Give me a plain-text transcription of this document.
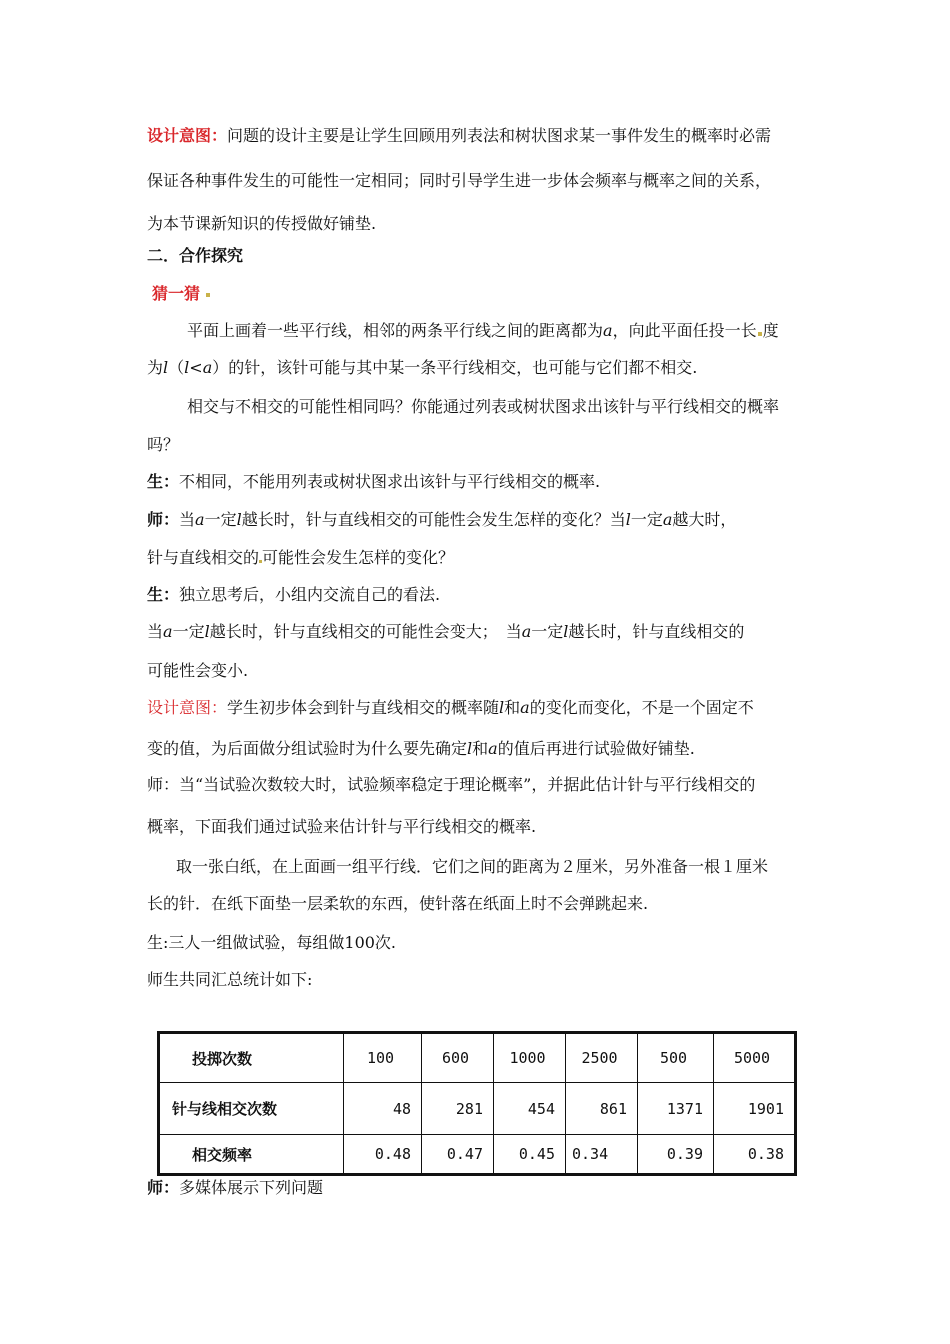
设计意图：问题的设计主要是让学生回顾用列表法和树状图求某一事件发生的概率时必需
保证各种事件发生的可能性一定相同；同时引导学生进一步体会频率与概率之间的关系，
为本节课新知识的传授做好铺垫.
二．合作探究
猜一猜
平面上画着一些平行线，相邻的两条平行线之间的距离都为a，向此平面任投一长 度
为l（l<a）的针，该针可能与其中某一条平行线相交，也可能与它们都不相交.
相交与不相交的可能性相同吗？你能通过列表或树状图求出该针与平行线相交的概率
吗？
生：不相同，不能用列表或树状图求出该针与平行线相交的概率.
师：当a一定l越长时，针与直线相交的可能性会发生怎样的变化？当l一定a越大时，
针与直线相交的 可能性会发生怎样的变化？
生：独立思考后，小组内交流自己的看法.
当a一定l越长时，针与直线相交的可能性会变大；　当a一定l越长时，针与直线相交的
可能性会变小.
设计意图：学生初步体会到针与直线相交的概率随l和a的变化而变化，不是一个固定不
变的值，为后面做分组试验时为什么要先确定l和a的值后再进行试验做好铺垫.
师：当“当试验次数较大时，试验频率稳定于理论概率”，并据此估计针与平行线相交的
概率，下面我们通过试验来估计针与平行线相交的概率.
取一张白纸，在上面画一组平行线．它们之间的距离为２厘米，另外准备一根１厘米
长的针．在纸下面垫一层柔软的东西，使针落在纸面上时不会弹跳起来.
生:三人一组做试验，每组做100次.
师生共同汇总统计如下:
投掷次数	100	600	1000	2500	500	5000
针与线相交次数	48	281	454	861	1371	1901
相交频率	0.48	0.47	0.45	0.34	0.39	0.38
师：多媒体展示下列问题
